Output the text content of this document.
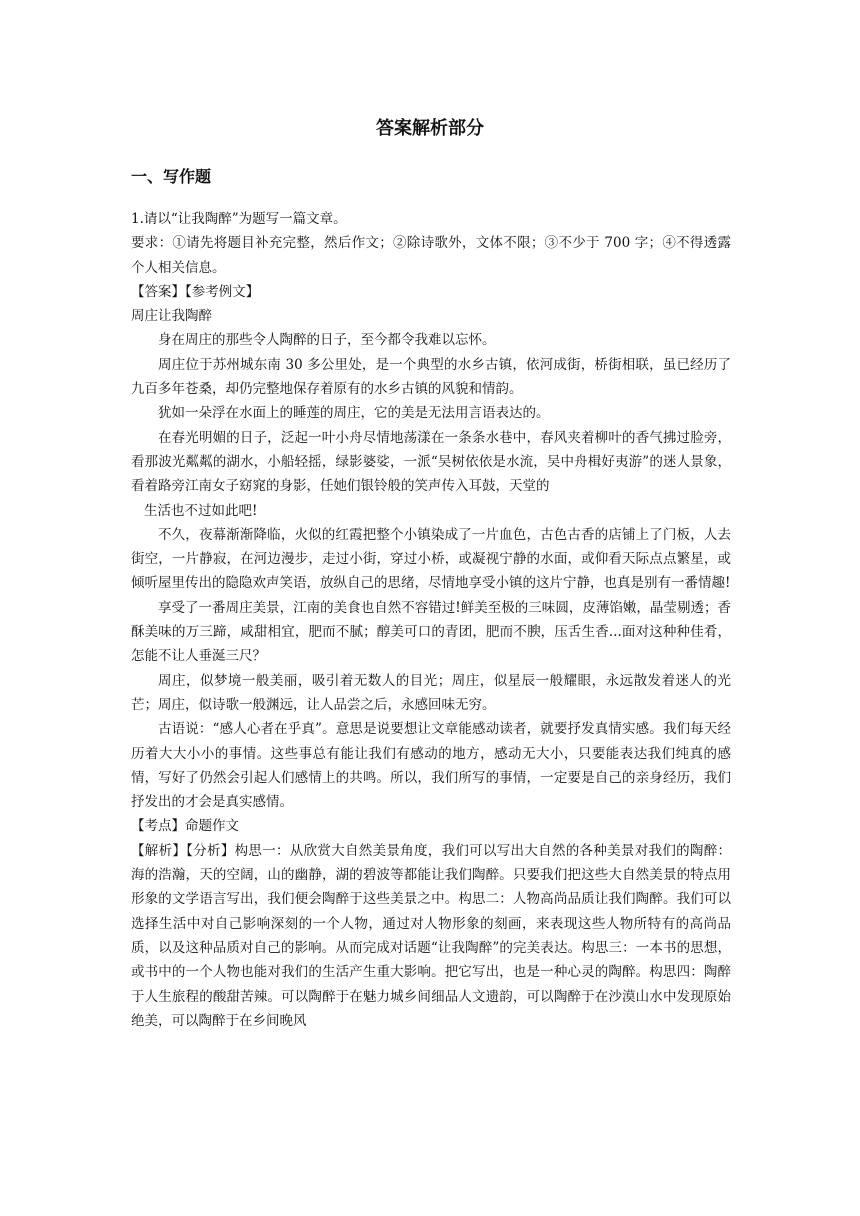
答案解析部分
一、写作题

1.请以“让我陶醉”为题写一篇文章。

要求：①请先将题目补充完整，然后作文；②除诗歌外，文体不限；③不少于 700 字；④不得透露个人相关信息。

【答案】【参考例文】

周庄让我陶醉

身在周庄的那些令人陶醉的日子，至今都令我难以忘怀。

周庄位于苏州城东南 30 多公里处，是一个典型的水乡古镇，依河成街，桥街相联，虽已经历了九百多年苍桑，却仍完整地保存着原有的水乡古镇的风貌和情韵。

犹如一朵浮在水面上的睡莲的周庄，它的美是无法用言语表达的。

在春光明媚的日子，泛起一叶小舟尽情地荡漾在一条条水巷中，春风夹着柳叶的香气拂过脸旁，看那波光粼粼的湖水，小船轻摇，绿影婆娑，一派“吴树依依是水流，吴中舟楫好夷游”的迷人景象，看着路旁江南女子窈窕的身影，任她们银铃般的笑声传入耳鼓，天堂的

生活也不过如此吧!

不久，夜幕渐渐降临，火似的红霞把整个小镇染成了一片血色，古色古香的店铺上了门板，人去街空，一片静寂，在河边漫步，走过小街，穿过小桥，或凝视宁静的水面，或仰看天际点点繁星，或倾听屋里传出的隐隐欢声笑语，放纵自己的思绪，尽情地享受小镇的这片宁静，也真是别有一番情趣!

享受了一番周庄美景，江南的美食也自然不容错过!鲜美至极的三味圆，皮薄馅嫩，晶莹剔透；香酥美味的万三蹄，咸甜相宜，肥而不腻；醇美可口的青团，肥而不腴，压舌生香...面对这种种佳肴，怎能不让人垂涎三尺？

周庄，似梦境一般美丽，吸引着无数人的目光；周庄，似星辰一般耀眼，永远散发着迷人的光芒；周庄，似诗歌一般渊远，让人品尝之后，永感回味无穷。

古语说：“感人心者在乎真”。意思是说要想让文章能感动读者，就要抒发真情实感。我们每天经历着大大小小的事情。这些事总有能让我们有感动的地方，感动无大小，只要能表达我们纯真的感情，写好了仍然会引起人们感情上的共鸣。所以，我们所写的事情，一定要是自己的亲身经历，我们抒发出的才会是真实感情。

【考点】命题作文

【解析】【分析】构思一：从欣赏大自然美景角度，我们可以写出大自然的各种美景对我们的陶醉：海的浩瀚，天的空阔，山的幽静，湖的碧波等都能让我们陶醉。只要我们把这些大自然美景的特点用形象的文学语言写出，我们便会陶醉于这些美景之中。构思二：人物高尚品质让我们陶醉。我们可以选择生活中对自己影响深刻的一个人物，通过对人物形象的刻画，来表现这些人物所特有的高尚品质，以及这种品质对自己的影响。从而完成对话题“让我陶醉”的完美表达。构思三：一本书的思想，或书中的一个人物也能对我们的生活产生重大影响。把它写出，也是一种心灵的陶醉。构思四：陶醉于人生旅程的酸甜苦辣。可以陶醉于在魅力城乡间细品人文遗韵，可以陶醉于在沙漠山水中发现原始绝美，可以陶醉于在乡间晚风
